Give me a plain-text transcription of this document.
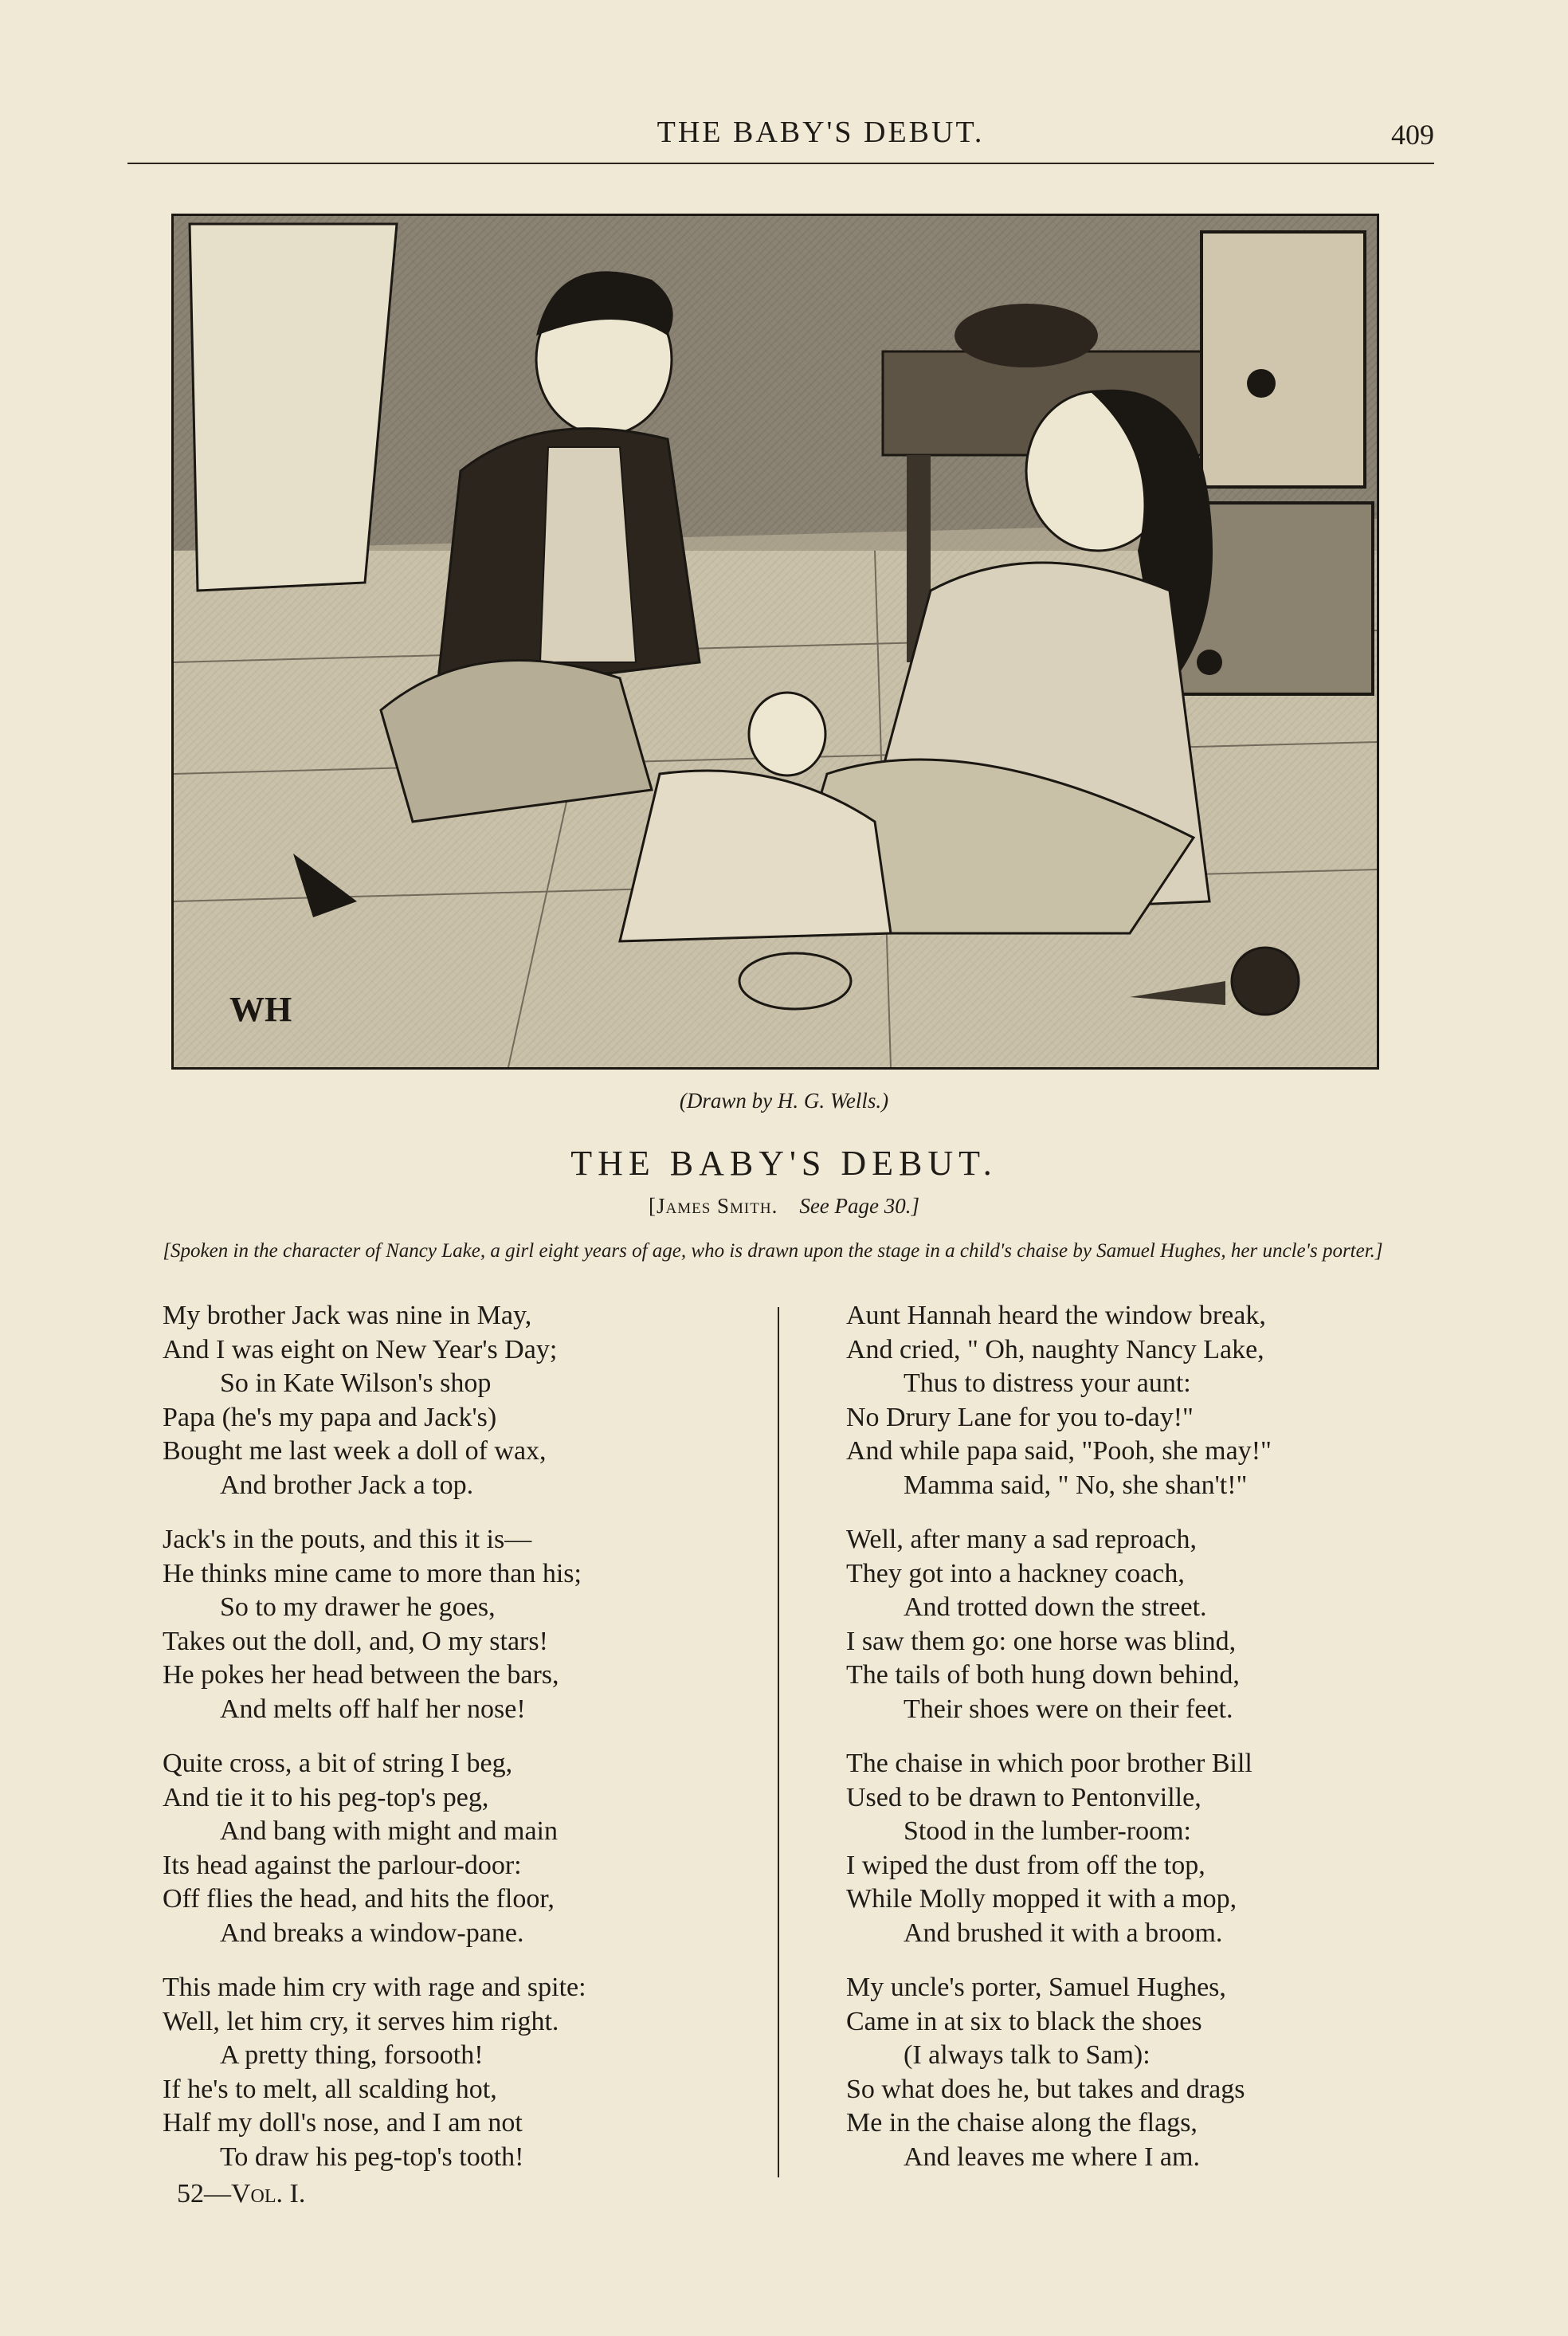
THE BABY'S DEBUT.	409
WH
(Drawn by H. G. Wells.)
THE BABY'S DEBUT.
[James Smith. See Page 30.]
[Spoken in the character of Nancy Lake, a girl eight years of age, who is drawn upon the stage in a child's chaise by Samuel Hughes, her uncle's porter.]
My brother Jack was nine in May,
And I was eight on New Year's Day;
So in Kate Wilson's shop
Papa (he's my papa and Jack's)
Bought me last week a doll of wax,
And brother Jack a top.
Jack's in the pouts, and this it is—
He thinks mine came to more than his;
So to my drawer he goes,
Takes out the doll, and, O my stars!
He pokes her head between the bars,
And melts off half her nose!
Quite cross, a bit of string I beg,
And tie it to his peg-top's peg,
And bang with might and main
Its head against the parlour-door:
Off flies the head, and hits the floor,
And breaks a window-pane.
This made him cry with rage and spite:
Well, let him cry, it serves him right.
A pretty thing, forsooth!
If he's to melt, all scalding hot,
Half my doll's nose, and I am not
To draw his peg-top's tooth!
Aunt Hannah heard the window break,
And cried, " Oh, naughty Nancy Lake,
Thus to distress your aunt:
No Drury Lane for you to-day!"
And while papa said, "Pooh, she may!"
Mamma said, " No, she shan't!"
Well, after many a sad reproach,
They got into a hackney coach,
And trotted down the street.
I saw them go: one horse was blind,
The tails of both hung down behind,
Their shoes were on their feet.
The chaise in which poor brother Bill
Used to be drawn to Pentonville,
Stood in the lumber-room:
I wiped the dust from off the top,
While Molly mopped it with a mop,
And brushed it with a broom.
My uncle's porter, Samuel Hughes,
Came in at six to black the shoes
(I always talk to Sam):
So what does he, but takes and drags
Me in the chaise along the flags,
And leaves me where I am.
52—Vol. I.
